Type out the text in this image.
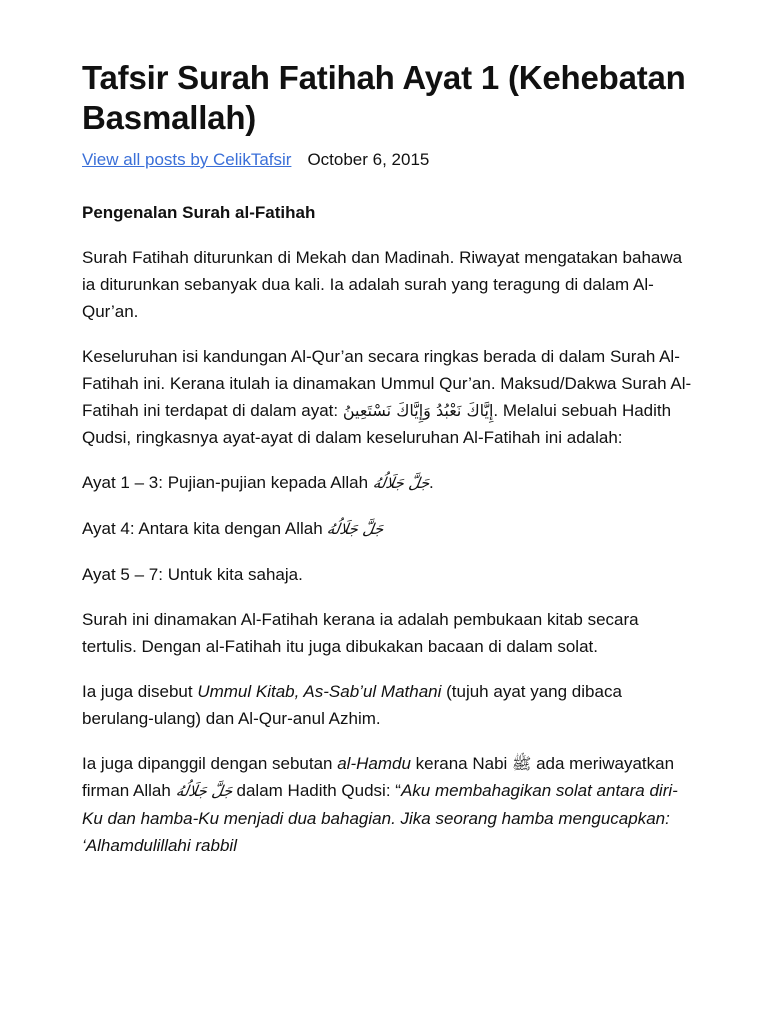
Tafsir Surah Fatihah Ayat 1 (Kehebatan Basmallah)
View all posts by CelikTafsir October 6, 2015
Pengenalan Surah al-Fatihah

Surah Fatihah diturunkan di Mekah dan Madinah. Riwayat mengatakan bahawa ia diturunkan sebanyak dua kali. Ia adalah surah yang teragung di dalam Al-Qur’an.

Keseluruhan isi kandungan Al-Qur’an secara ringkas berada di dalam Surah Al-Fatihah ini. Kerana itulah ia dinamakan Ummul Qur’an. Maksud/Dakwa Surah Al-Fatihah ini terdapat di dalam ayat: إِيَّاكَ نَعْبُدُ وَإِيَّاكَ نَسْتَعِينُ. Melalui sebuah Hadith Qudsi, ringkasnya ayat-ayat di dalam keseluruhan Al-Fatihah ini adalah:

Ayat 1 – 3: Pujian-pujian kepada Allah جَلَّ جَلَالُهُ.

Ayat 4: Antara kita dengan Allah جَلَّ جَلَالُهُ

Ayat 5 – 7: Untuk kita sahaja.

Surah ini dinamakan Al-Fatihah kerana ia adalah pembukaan kitab secara tertulis. Dengan al-Fatihah itu juga dibukakan bacaan di dalam solat.

Ia juga disebut Ummul Kitab, As-Sab’ul Mathani (tujuh ayat yang dibaca berulang-ulang) dan Al-Qur-anul Azhim.

Ia juga dipanggil dengan sebutan al-Hamdu kerana Nabi ﷺ ada meriwayatkan firman Allah جَلَّ جَلَالُهُ dalam Hadith Qudsi: “Aku membahagikan solat antara diri-Ku dan hamba-Ku menjadi dua bahagian. Jika seorang hamba mengucapkan: ‘Alhamdulillahi rabbil
